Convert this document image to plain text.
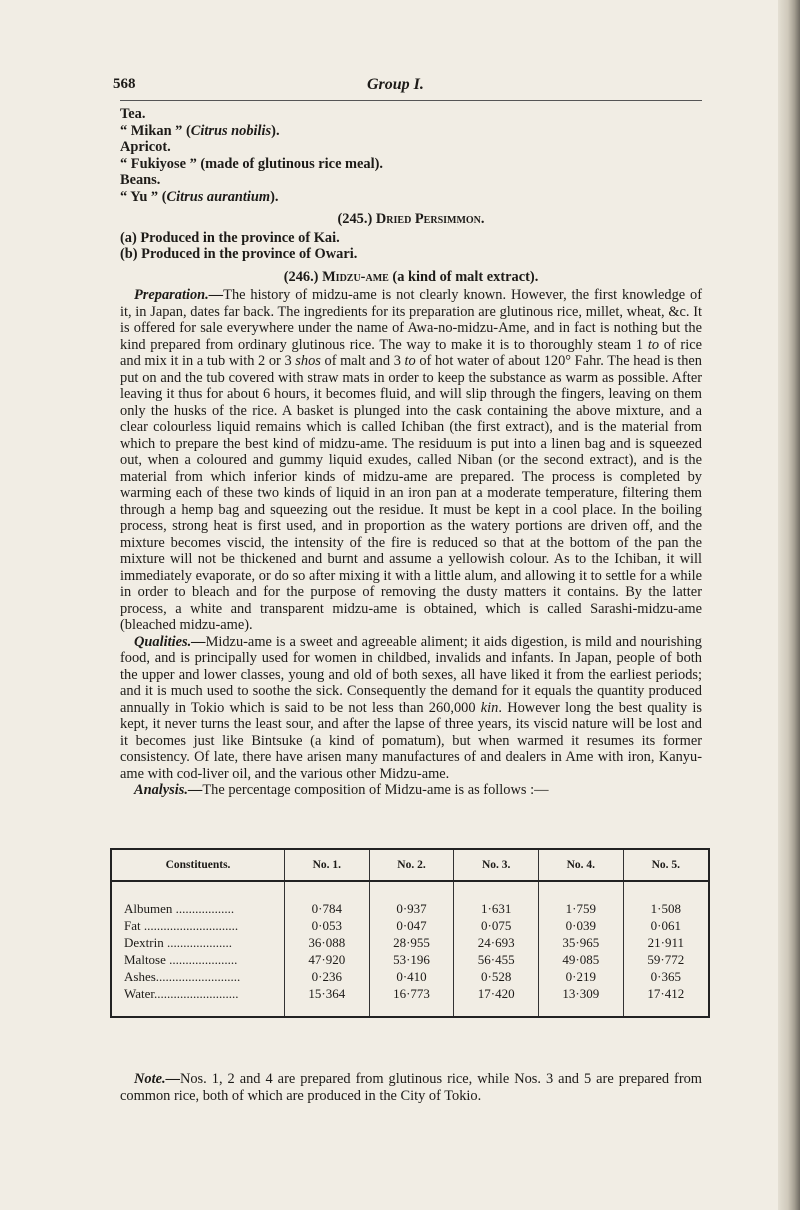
568	Group I.

Tea.

“ Mikan ” (Citrus nobilis).

Apricot.

“ Fukiyose ” (made of glutinous rice meal).

Beans.

“ Yu ” (Citrus aurantium).

(245.) Dried Persimmon.

(a) Produced in the province of Kai.

(b) Produced in the province of Owari.

(246.) Midzu-ame (a kind of malt extract).

Preparation.—The history of midzu-ame is not clearly known. However, the first knowledge of it, in Japan, dates far back. The ingredients for its preparation are glutinous rice, millet, wheat, &c. It is offered for sale everywhere under the name of Awa-no-midzu-Ame, and in fact is nothing but the kind prepared from ordinary glutinous rice. The way to make it is to thoroughly steam 1 to of rice and mix it in a tub with 2 or 3 shos of malt and 3 to of hot water of about 120° Fahr. The head is then put on and the tub covered with straw mats in order to keep the substance as warm as possible. After leaving it thus for about 6 hours, it becomes fluid, and will slip through the fingers, leaving on them only the husks of the rice. A basket is plunged into the cask containing the above mixture, and a clear colourless liquid remains which is called Ichiban (the first extract), and is the material from which to prepare the best kind of midzu-ame. The residuum is put into a linen bag and is squeezed out, when a coloured and gummy liquid exudes, called Niban (or the second extract), and is the material from which inferior kinds of midzu-ame are prepared. The process is completed by warming each of these two kinds of liquid in an iron pan at a moderate temperature, filtering them through a hemp bag and squeezing out the residue. It must be kept in a cool place. In the boiling process, strong heat is first used, and in proportion as the watery portions are driven off, and the mixture becomes viscid, the intensity of the fire is reduced so that at the bottom of the pan the mixture will not be thickened and burnt and assume a yellowish colour. As to the Ichiban, it will immediately evaporate, or do so after mixing it with a little alum, and allowing it to settle for a while in order to bleach and for the purpose of removing the dusty matters it contains. By the latter process, a white and transparent midzu-ame is obtained, which is called Sarashi-midzu-ame (bleached midzu-ame).

Qualities.—Midzu-ame is a sweet and agreeable aliment; it aids digestion, is mild and nourishing food, and is principally used for women in childbed, invalids and infants. In Japan, people of both the upper and lower classes, young and old of both sexes, all have liked it from the earliest periods; and it is much used to soothe the sick. Consequently the demand for it equals the quantity produced annually in Tokio which is said to be not less than 260,000 kin. However long the best quality is kept, it never turns the least sour, and after the lapse of three years, its viscid nature will be lost and it becomes just like Bintsuke (a kind of pomatum), but when warmed it resumes its former consistency. Of late, there have arisen many manufactures of and dealers in Ame with iron, Kanyu-ame with cod-liver oil, and the various other Midzu-ame.

Analysis.—The percentage composition of Midzu-ame is as follows :—

Constituents.	No. 1.	No. 2.	No. 3.	No. 4.	No. 5.
Albumen ..................	0·784	0·937	1·631	1·759	1·508
Fat .............................	0·053	0·047	0·075	0·039	0·061
Dextrin ....................	36·088	28·955	24·693	35·965	21·911
Maltose .....................	47·920	53·196	56·455	49·085	59·772
Ashes..........................	0·236	0·410	0·528	0·219	0·365
Water..........................	15·364	16·773	17·420	13·309	17·412

Note.—Nos. 1, 2 and 4 are prepared from glutinous rice, while Nos. 3 and 5 are prepared from common rice, both of which are produced in the City of Tokio.
